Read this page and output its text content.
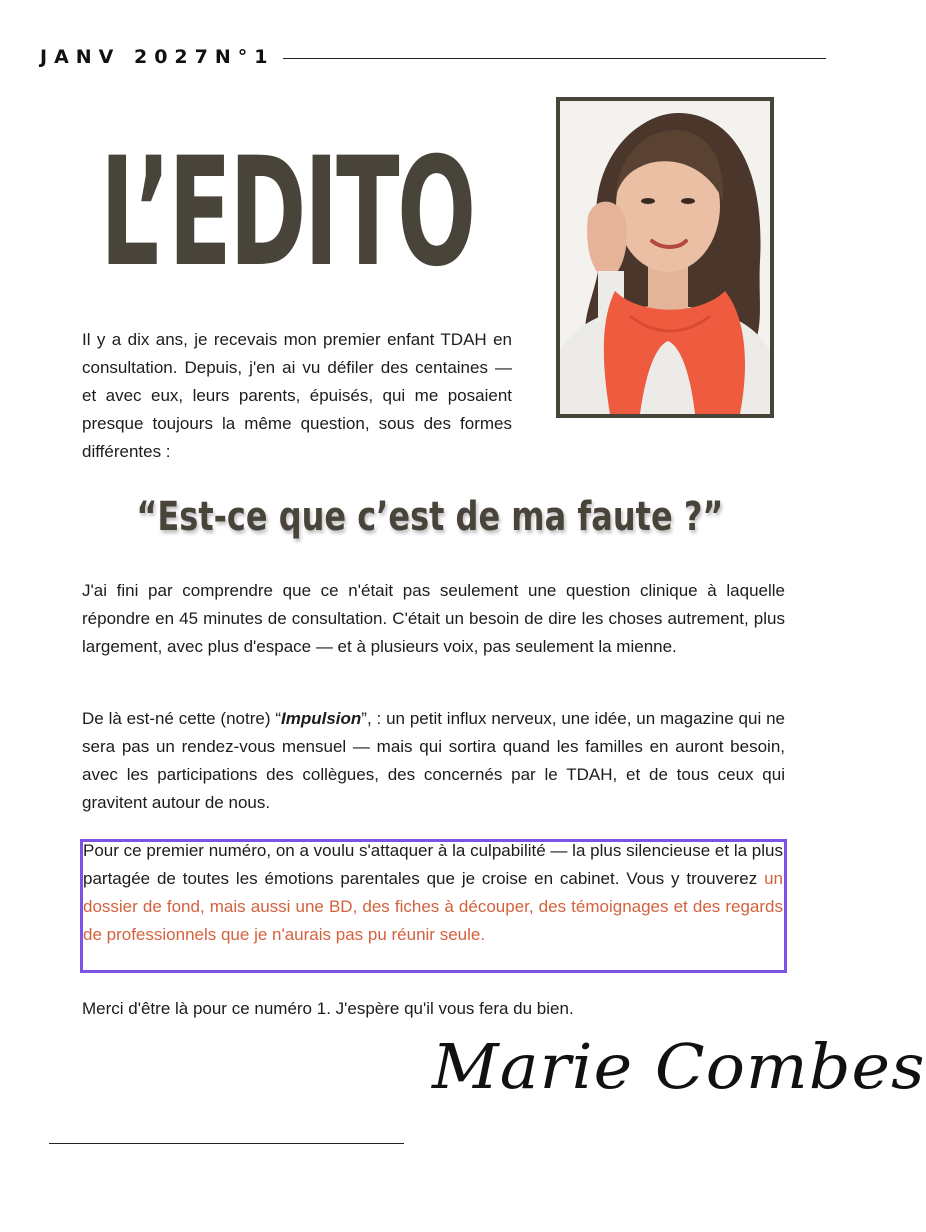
JANV 2027N°1
L’EDITO
Il y a dix ans, je recevais mon premier enfant TDAH en consultation. Depuis, j'en ai vu défiler des centaines — et avec eux, leurs parents, épuisés, qui me posaient presque toujours la même question, sous des formes différentes :
“Est-ce que c’est de ma faute ?”

J'ai fini par comprendre que ce n'était pas seulement une question clinique à laquelle répondre en 45 minutes de consultation. C'était un besoin de dire les choses autrement, plus largement, avec plus d'espace — et à plusieurs voix, pas seulement la mienne.

De là est-né cette (notre) “Impulsion”, : un petit influx nerveux, une idée, un magazine qui ne sera pas un rendez-vous mensuel — mais qui sortira quand les familles en auront besoin, avec les participations des collègues, des concernés par le TDAH, et de tous ceux qui gravitent autour de nous.

Pour ce premier numéro, on a voulu s'attaquer à la culpabilité — la plus silencieuse et la plus partagée de toutes les émotions parentales que je croise en cabinet. Vous y trouverez un dossier de fond, mais aussi une BD, des fiches à découper, des témoignages et des regards de professionnels que je n'aurais pas pu réunir seule.

Merci d'être là pour ce numéro 1. J'espère qu'il vous fera du bien.

Marie Combes
